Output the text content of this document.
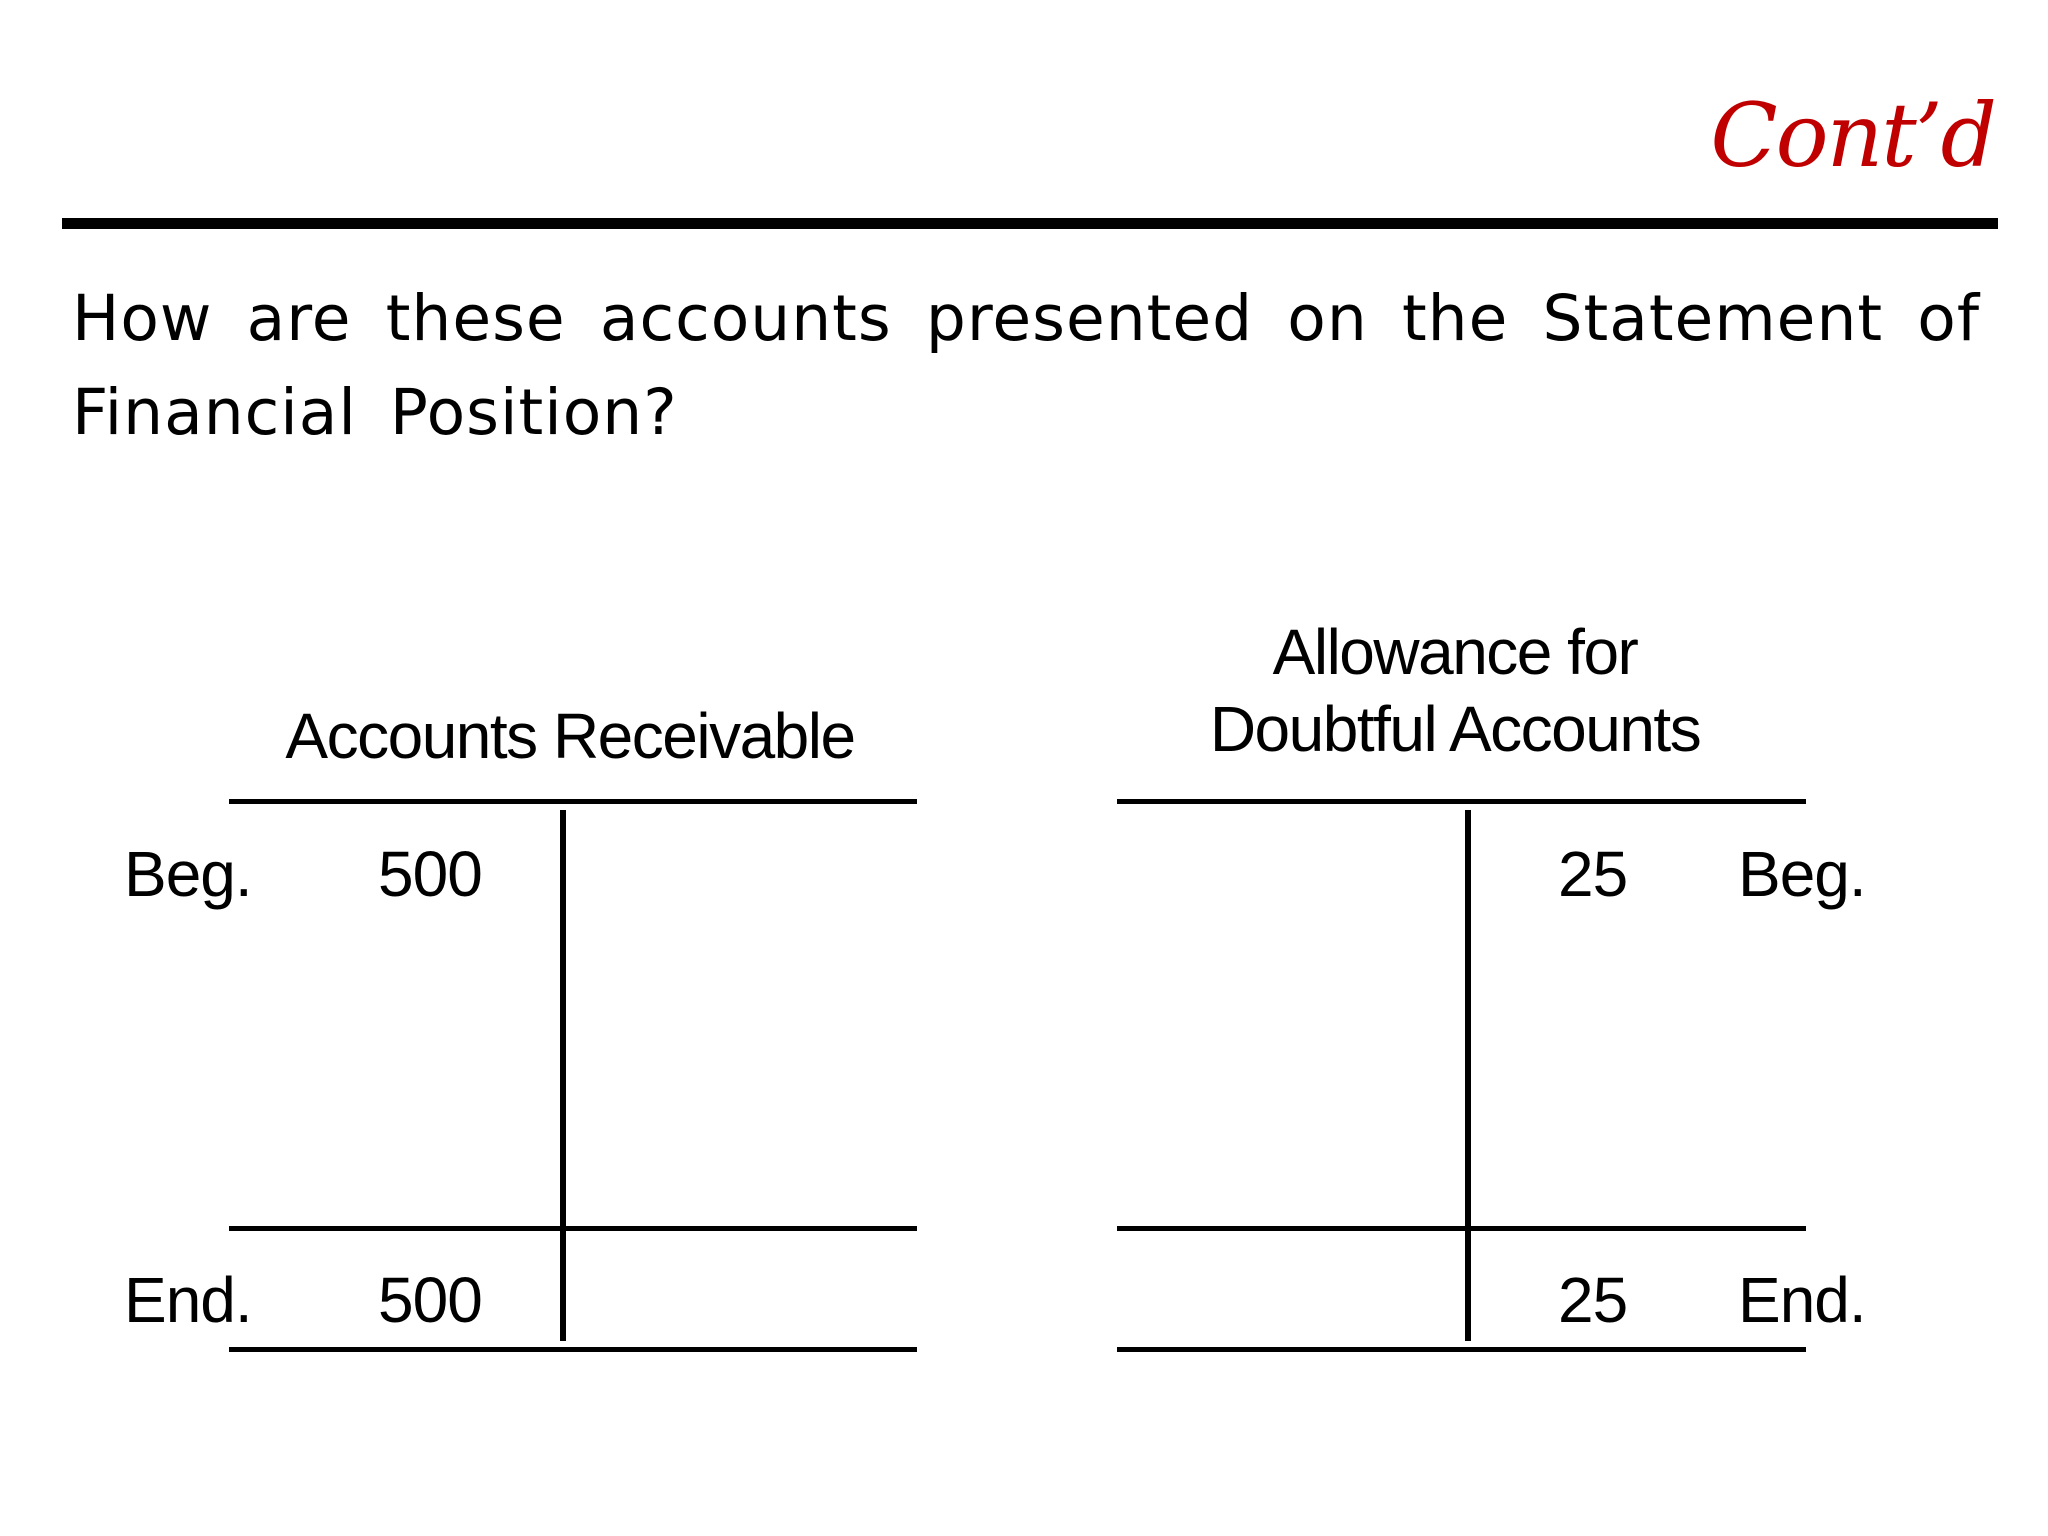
Cont’d

How are these accounts presented on the Statement of Financial Position?

Accounts Receivable
Beg. 500
End. 500
Allowance for
Doubtful Accounts
25 Beg.
25 End.
